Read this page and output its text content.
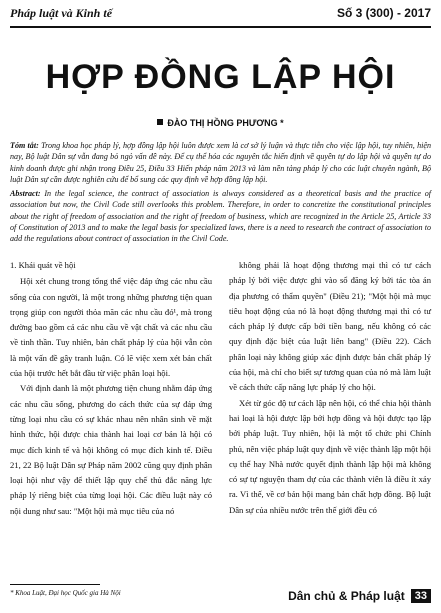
Pháp luật và Kinh tế	Số 3 (300) - 2017
HỢP ĐỒNG LẬP HỘI
ĐÀO THỊ HỒNG PHƯƠNG *
Tóm tắt: Trong khoa học pháp lý, hợp đồng lập hội luôn được xem là cơ sở lý luận và thực tiễn cho việc lập hội, tuy nhiên, hiện nay, Bộ luật Dân sự vẫn đang bỏ ngỏ vấn đề này. Để cụ thể hóa các nguyên tắc hiến định về quyền tự do lập hội và quyền tự do kinh doanh được ghi nhận trong Điều 25, Điều 33 Hiến pháp năm 2013 và làm nền tảng pháp lý cho các luật chuyên ngành, Bộ luật Dân sự cần được nghiên cứu để bổ sung các quy định về hợp đồng lập hội.
Abstract: In the legal science, the contract of association is always considered as a theoretical basis and the practice of association but now, the Civil Code still overlooks this problem. Therefore, in order to concretize the constitutional principles about the right of freedom of association and the right of freedom of business, which are recognized in the Article 25, Article 33 of Constitution of 2013 and to make the legal basis for specialized laws, there is a need to research the contract of association to add the regulations about contract of association in the Civil Code.

1. Khái quát về hội

Hội xét chung trong tổng thể việc đáp ứng các nhu cầu sống của con người, là một trong những phương tiện quan trọng giúp con người thỏa mãn các nhu cầu đó¹, mà trong đường bao gồm cả các nhu cầu về vật chất và các nhu cầu về tinh thần. Tuy nhiên, bản chất pháp lý của hội vẫn còn là một vấn đề gây tranh luận. Có lẽ việc xem xét bản chất của hội trước hết bắt đầu từ việc phân loại hội.

Với định danh là một phương tiện chung nhằm đáp ứng các nhu cầu sống, phương do cách thức của sự đáp ứng từng loại nhu cầu có sự khác nhau nên nhân sinh về mặt hình thức, hội được chia thành hai loại cơ bản là hội có mục đích kinh tế và hội không có mục đích kinh tế. Điều 21, 22 Bộ luật Dân sự Pháp năm 2002 cũng quy định phân loại hội như vậy để thiết lập quy chế thủ đắc năng lực pháp lý riêng biệt của từng loại hội. Các điều luật này có nội dung như sau: "Một hội mà mục tiêu của nó

không phải là hoạt động thương mại thì có tư cách pháp lý bởi việc được ghi vào sổ đăng ký bởi tác tòa án địa phương có thẩm quyền" (Điều 21); "Một hội mà mục tiêu hoạt động của nó là hoạt động thương mại thì có tư cách pháp lý được cấp bởi tiền bang, nếu không có các quy định đặc biệt của luật liên bang" (Điều 22). Cách phân loại này không giúp xác định được bản chất pháp lý của hội, mà chỉ cho biết sự tương quan của nó mà làm luật về cách thức cấp năng lực pháp lý cho hội.

Xét từ góc độ tư cách lập nên hội, có thể chia hội thành hai loại là hội được lập bởi hợp đồng và hội được tạo lập bởi pháp luật. Tuy nhiên, hội là một tổ chức phi Chính phủ, nên việc pháp luật quy định về việc thành lập một hội cụ thể hay Nhà nước quyết định thành lập hội mà không có sự tự nguyện tham dự của các thành viên là điều ít xảy ra. Vì thế, về cơ bản hội mang bản chất hợp đồng. Bộ luật Dân sự của nhiều nước trên thế giới đều có

* Khoa Luật, Đại học Quốc gia Hà Nội	Dân chủ & Pháp luật 33
